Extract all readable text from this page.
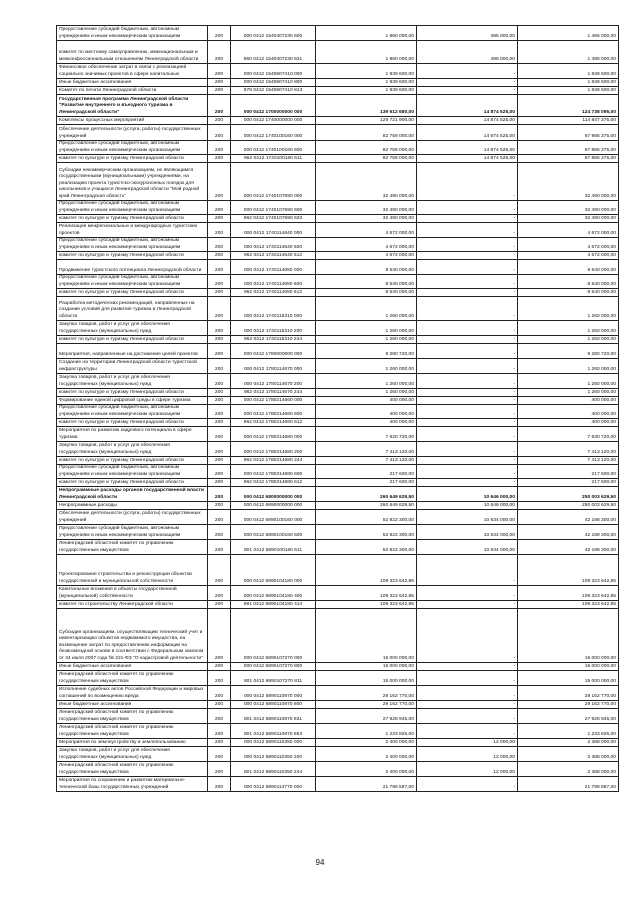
Предоставление субсидий бюджетным, автономным учреждениям и иным некоммерческим организациям	200	000 0412 1540407230 600	1 860 000,00	495 000,00	1 465 000,00
комитет по местному самоуправлению, межнациональным и межконфессиональным отношениям Ленинградской области	200	960 0412 1540407230 631	1 860 000,00	495 000,00	1 485 000,00
Финансовое обеспечение затрат в связи с реализацией социально значимых проектов в сфере капитальных	200	000 0412 1540607410 000	1 839 600,00	-	1 839 600,00
Иные бюджетные ассигнования	200	000 0412 1540607410 800	1 839 600,00	-	1 839 600,00
Комитет по печати Ленинградской области	200	978 0412 1540607410 813	1 839 600,00	-	1 839 600,00
Государственная программа Ленинградской области "Развитие внутреннего и въездного туризма в Ленинградской области"	200	000 0412 1700000000 000	139 612 680,00	14 874 525,00	124 738 095,00
Комплексы процессных мероприятий	200	000 0412 1740000000 000	129 721 900,00	14 874 525,00	114 847 375,00
Обеспечение деятельности (услуги, работы) государственных учреждений	200	000 0412 1740100160 000	82 759 000,00	14 674 525,00	67 985 375,00
Предоставление субсидий бюджетным, автономным учреждениям и иным некоммерческим организациям	200	000 0412 1740100160 600	82 759 000,00	14 874 525,00	67 885 375,00
комитет по культуре и туризму Ленинградской области	200	962 0412 1740100160 611	82 759 000,00	14 874 525,00	67 885 375,00
Субсидии некоммерческим организациям, не являющимся государственными (муниципальными) учреждениями, на реализацию проекта туристско-экскурсионных поездок для школьников и учащихся Ленинградской области "Мой родной край Ленинградская область"	200	000 0412 1740107690 000	32 490 000,00	-	32 490 000,00
Предоставление субсидий бюджетным, автономным учреждениям и иным некоммерческим организациям	200	000 0412 1740107690 600	32 490 000,00	-	32 490 000,00
комитет по культуре и туризму Ленинградской области	200	962 0412 1740107690 633	32 490 000,00	-	32 490 000,00
Реализация межрегиональных и международных туристских проектов	200	000 0412 1740114640 000	4 672 000,00	-	4 672 000,00
Предоставление субсидий бюджетным, автономным учреждениям и иным некоммерческим организациям	200	000 0412 1740114640 600	4 672 000,00	-	4 672 000,00
комитет по культуре и туризму Ленинградской области	200	962 0412 1740114640 612	4 672 000,00	-	4 672 000,00
Продвижение туристского потенциала Ленинградской области	200	000 0412 1740114650 000	8 540 000,00	-	8 540 000,00
Предоставление субсидий бюджетным, автономным учреждениям и иным некоммерческим организациям	200	000 0412 1740114650 600	8 540 000,00	-	8 540 000,00
комитет по культуре и туризму Ленинградской области	200	962 0412 1740114650 612	8 540 000,00	-	8 540 000,00
Разработка методических рекомендаций, направленных на создание условий для развития туризма в Ленинградской области	200	000 0412 1740115310 000	1 260 000,00	-	1 260 000,00
Закупка товаров, работ и услуг для обеспечения государственных (муниципальных) нужд	200	000 0412 1740115310 200	1 260 000,00	-	1 260 000,00
комитет по культуре и туризму Ленинградской области	200	962 0412 1740115310 244	1 260 000,00	-	1 260 000,00
Мероприятия, направленные на достижение целей проектов	200	000 0412 1780000000 000	9 280 720,00	-	9 280 720,00
Создание на территории Ленинградской области туристской инфраструктуры	200	000 0412 1780114670 000	1 260 000,00	-	1 260 000,00
Закупка товаров, работ и услуг для обеспечения государственных (муниципальных) нужд	200	000 0412 1780114670 200	1 260 000,00	-	1 260 000,00
комитет по культуре и туризму Ленинградской области	200	962 0412 1780114670 244	1 260 000,00	-	1 260 000,00
Формирование единой цифровой среды в сфере туризма	200	000 0412 1780214660 000	400 000,00	-	400 000,00
Предоставление субсидий бюджетным, автономным учреждениям и иным некоммерческим организациям	200	000 0412 1780214660 600	400 000,00	-	400 000,00
комитет по культуре и туризму Ленинградской области	200	962 0412 1780214660 612	400 000,00	-	400 000,00
Мероприятия по развитию кадрового потенциала в сфере туризма	200	000 0412 1780314680 000	7 620 720,00	-	7 630 720,00
Закупка товаров, работ и услуг для обеспечения государственных (муниципальных) нужд	200	000 0412 1780314680 200	7 413 120,00	-	7 413 120,00
комитет по культуре и туризму Ленинградской области	200	962 0412 1780314680 244	7 413 120,00	-	7 413 120,00
Предоставление субсидий бюджетным, автономным учреждениям и иным некоммерческим организациям	200	000 0412 1780314680 600	217 600,00	-	217 600,00
комитет по культуре и туризму Ленинградской области	200	962 0412 1780314680 612	217 600,00	-	217 600,00
Непрограммные расходы органов государственной власти Ленинградской области	200	000 0412 6800000000 000	260 649 629,50	10 646 000,00	250 003 629,50
Непрограммные расходы	200	000 0412 6890000000 000	260 649 629,50	10 646 000,00	250 003 629,50
Обеспечение деятельности (услуги, работы) государственных учреждений	200	000 0412 6890100160 000	52 822 300,00	10 634 000,00	42 188 300,00
Предоставление субсидий бюджетным, автономным учреждениям и иным некоммерческим организациям	200	000 0412 6890100160 600	52 822 300,00	10 634 000,00	42 188 300,00
Ленинградский областной комитет по управлению государственным имуществом	200	801 0412 6890100160 611	52 822 300,00	10 634 000,00	42 188 300,00
Проектирование строительства и реконструкции объектов государственной и муниципальной собственности	200	000 0412 6890104180 000	109 323 642,85	-	109 323 642,85
Капитальные вложения в объекты государственной (муниципальной) собственности	200	000 0412 6890104180 400	109 323 642,85	-	109 323 642,85
комитет по строительству Ленинградской области	200	981 0412 6890104180 414	109 323 642,85	-	109 323 642,85
Субсидия организациям, осуществляющим технический учет и инвентаризацию объектов недвижимого имущества, на возмещение затрат по предоставлению информации на безвозмездной основе в соответствии с Федеральным законом от 24 июля 2007 года № 221-ФЗ "О кадастровой деятельности"	200	000 0412 6890107270 000	15 000 000,00	-	15 000 000,00
Иные бюджетные ассигнования	200	000 0412 6890107270 800	15 000 000,00	-	15 000 000,00
Ленинградский областной комитет по управлению государственным имуществом	200	801 0412 6890107270 811	15 000 000,00	-	15 000 000,00
Исполнение судебных актов Российской Федерации и мировых соглашений по возмещению вреда	200	000 0412 6890110870 000	29 162 770,00	-	29 162 770,00
Иные бюджетные ассигнования	200	000 0412 6890110870 800	29 162 770,00	-	29 162 770,00
Ленинградский областной комитет по управлению государственным имуществом	200	801 0412 6890110870 831	27 928 945,00	-	27 928 945,00
Ленинградский областной комитет по управлению государственным имуществом	200	801 0412 6890110870 853	1 233 825,00	-	1 233 825,00
Мероприятия по землеустройству и землепользованию	200	000 0412 6890110350 000	2 400 000,00	12 000,00	2 388 000,00
Закупка товаров, работ и услуг для обеспечения государственных (муниципальных) нужд	200	000 0412 6890110350 200	2 400 000,00	12 000,00	2 388 000,00
Ленинградский областной комитет по управлению государственным имуществом	200	801 0412 6890110350 244	2 400 000,00	12 000,00	2 388 000,00
Мероприятия по сохранению и развитию материально-технической базы государственных учреждений	200	000 0412 6890113770 000	21 798 587,00	-	21 798 587,00
94
